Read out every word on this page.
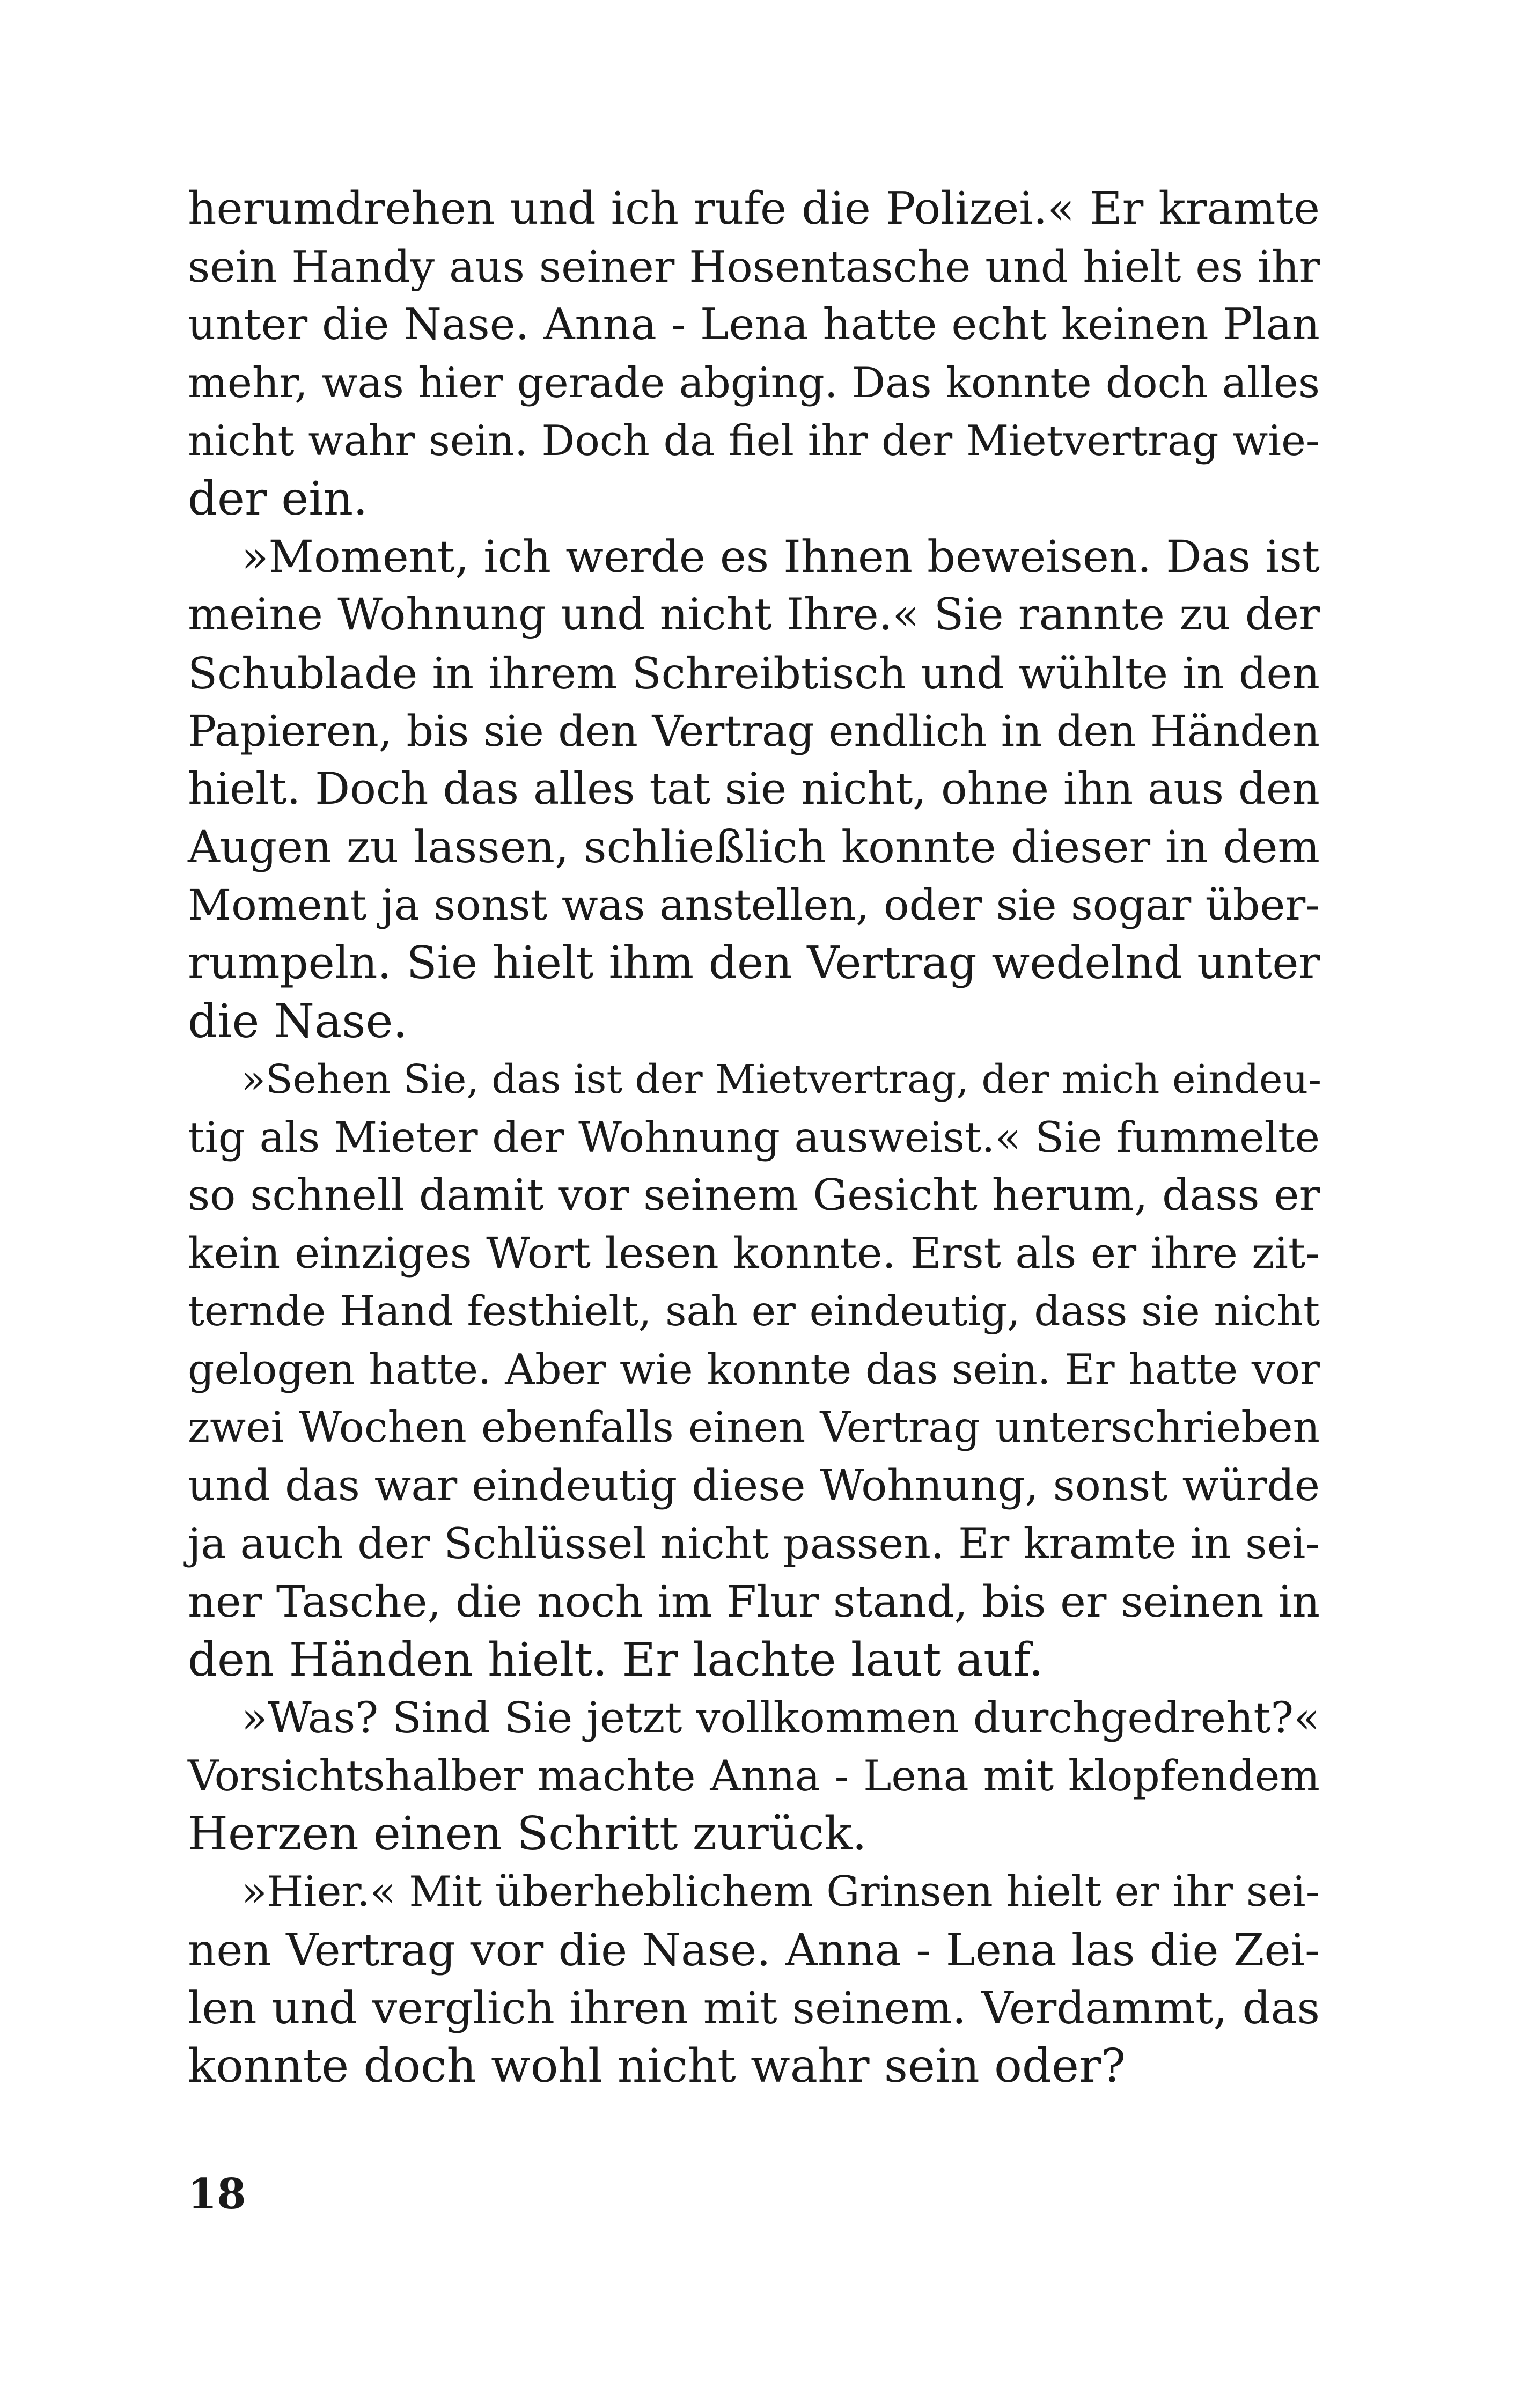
herumdrehen und ich rufe die Polizei.« Er kramte
sein Handy aus seiner Hosentasche und hielt es ihr
unter die Nase. Anna - Lena hatte echt keinen Plan
mehr, was hier gerade abging. Das konnte doch alles
nicht wahr sein. Doch da fiel ihr der Mietvertrag wie-
der ein.
»Moment, ich werde es Ihnen beweisen. Das ist
meine Wohnung und nicht Ihre.« Sie rannte zu der
Schublade in ihrem Schreibtisch und wühlte in den
Papieren, bis sie den Vertrag endlich in den Händen
hielt. Doch das alles tat sie nicht, ohne ihn aus den
Augen zu lassen, schließlich konnte dieser in dem
Moment ja sonst was anstellen, oder sie sogar über-
rumpeln. Sie hielt ihm den Vertrag wedelnd unter
die Nase.
»Sehen Sie, das ist der Mietvertrag, der mich eindeu-
tig als Mieter der Wohnung ausweist.« Sie fummelte
so schnell damit vor seinem Gesicht herum, dass er
kein einziges Wort lesen konnte. Erst als er ihre zit-
ternde Hand festhielt, sah er eindeutig, dass sie nicht
gelogen hatte. Aber wie konnte das sein. Er hatte vor
zwei Wochen ebenfalls einen Vertrag unterschrieben
und das war eindeutig diese Wohnung, sonst würde
ja auch der Schlüssel nicht passen. Er kramte in sei-
ner Tasche, die noch im Flur stand, bis er seinen in
den Händen hielt. Er lachte laut auf.
»Was? Sind Sie jetzt vollkommen durchgedreht?«
Vorsichtshalber machte Anna - Lena mit klopfendem
Herzen einen Schritt zurück.
»Hier.« Mit überheblichem Grinsen hielt er ihr sei-
nen Vertrag vor die Nase. Anna - Lena las die Zei-
len und verglich ihren mit seinem. Verdammt, das
konnte doch wohl nicht wahr sein oder?
18
